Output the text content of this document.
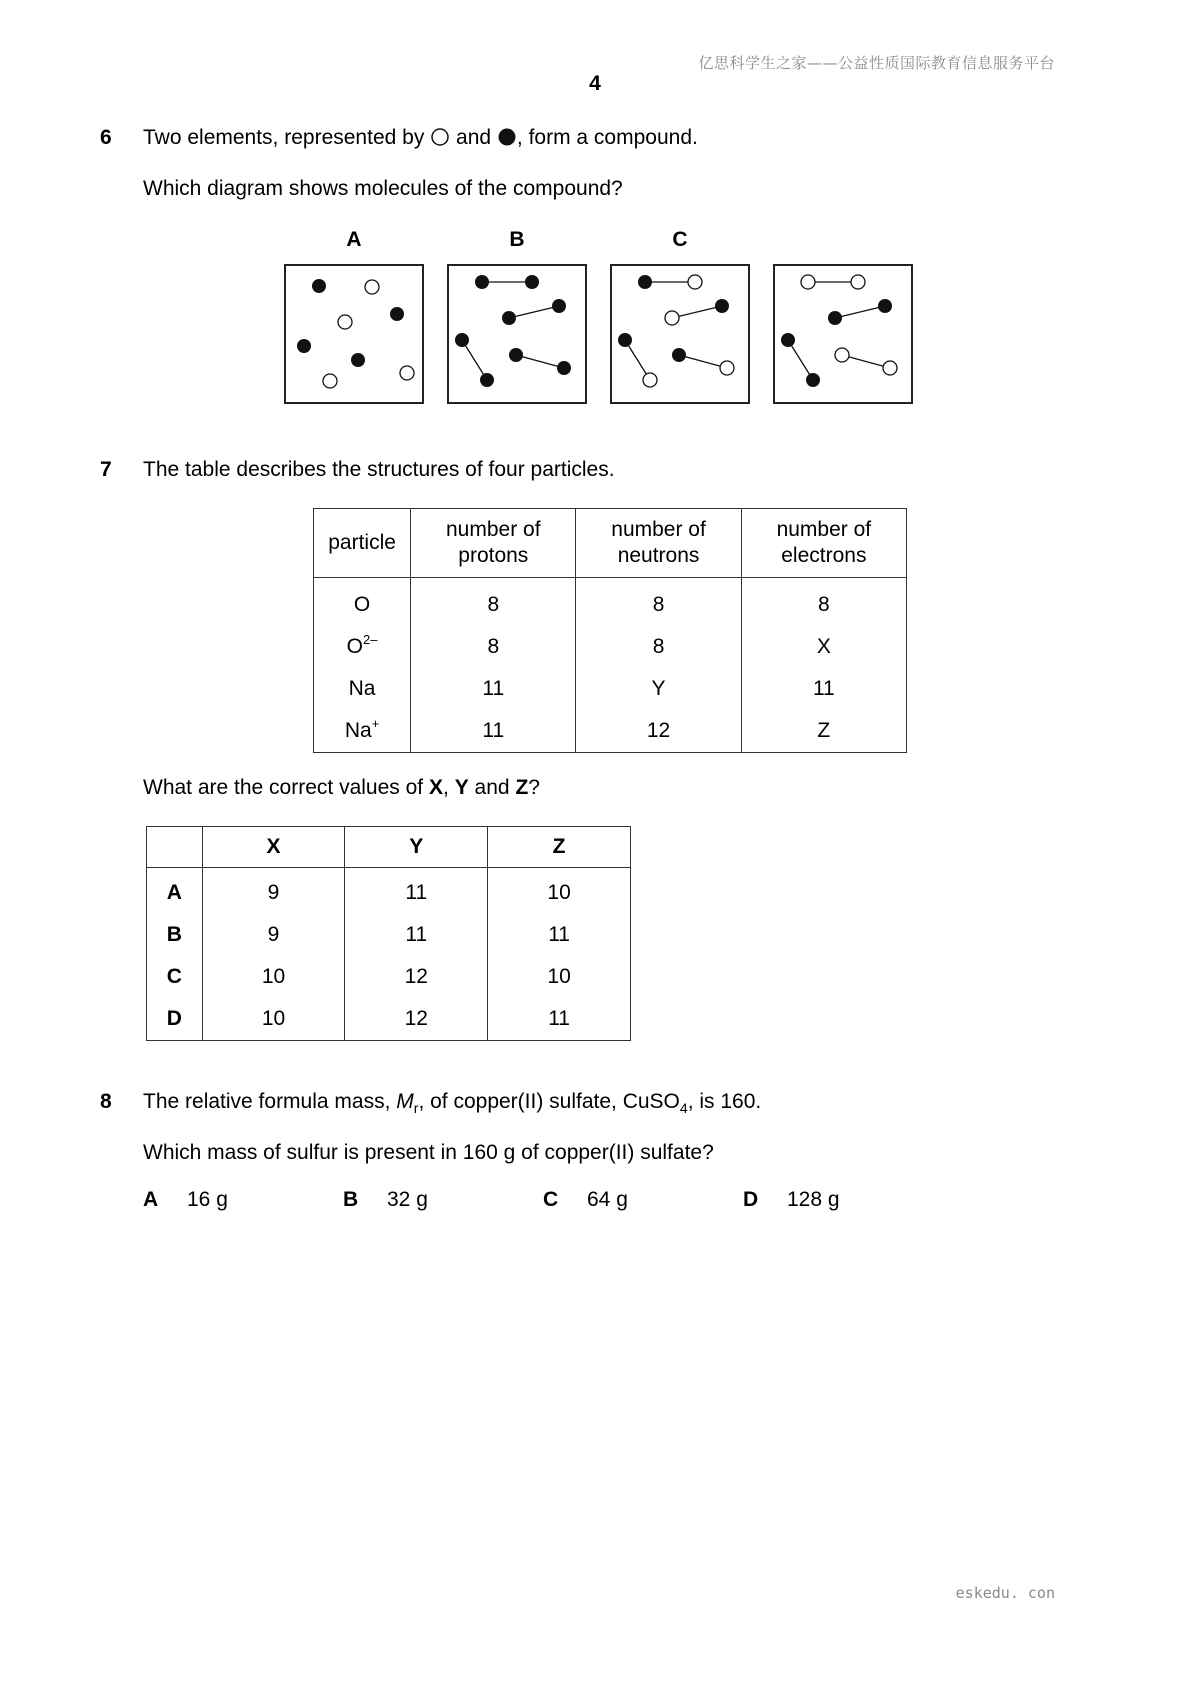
亿思科学生之家——公益性质国际教育信息服务平台
4
6 Two elements, represented by and , form a compound.
Which diagram shows molecules of the compound?
A	B	C
7 The table describes the structures of four particles.
particle	number of protons	number of neutrons	number of electrons
O	8	8	8
$O^{2-}$	8	8	X
Na	11	Y	11
Na+	11	12	Z
What are the correct values of X, Y and Z?
	X	Y	Z
A	9	11	10
B	9	11	11
C	10	12	10
D	10	12	11
8 The relative formula mass, $M_r$, of copper(II) sulfate, CuSO$_4$, is 160.
Which mass of sulfur is present in 160 g of copper(II) sulfate?
A 16 g	B 32 g	C 64 g	D 128 g
eskedu. con
